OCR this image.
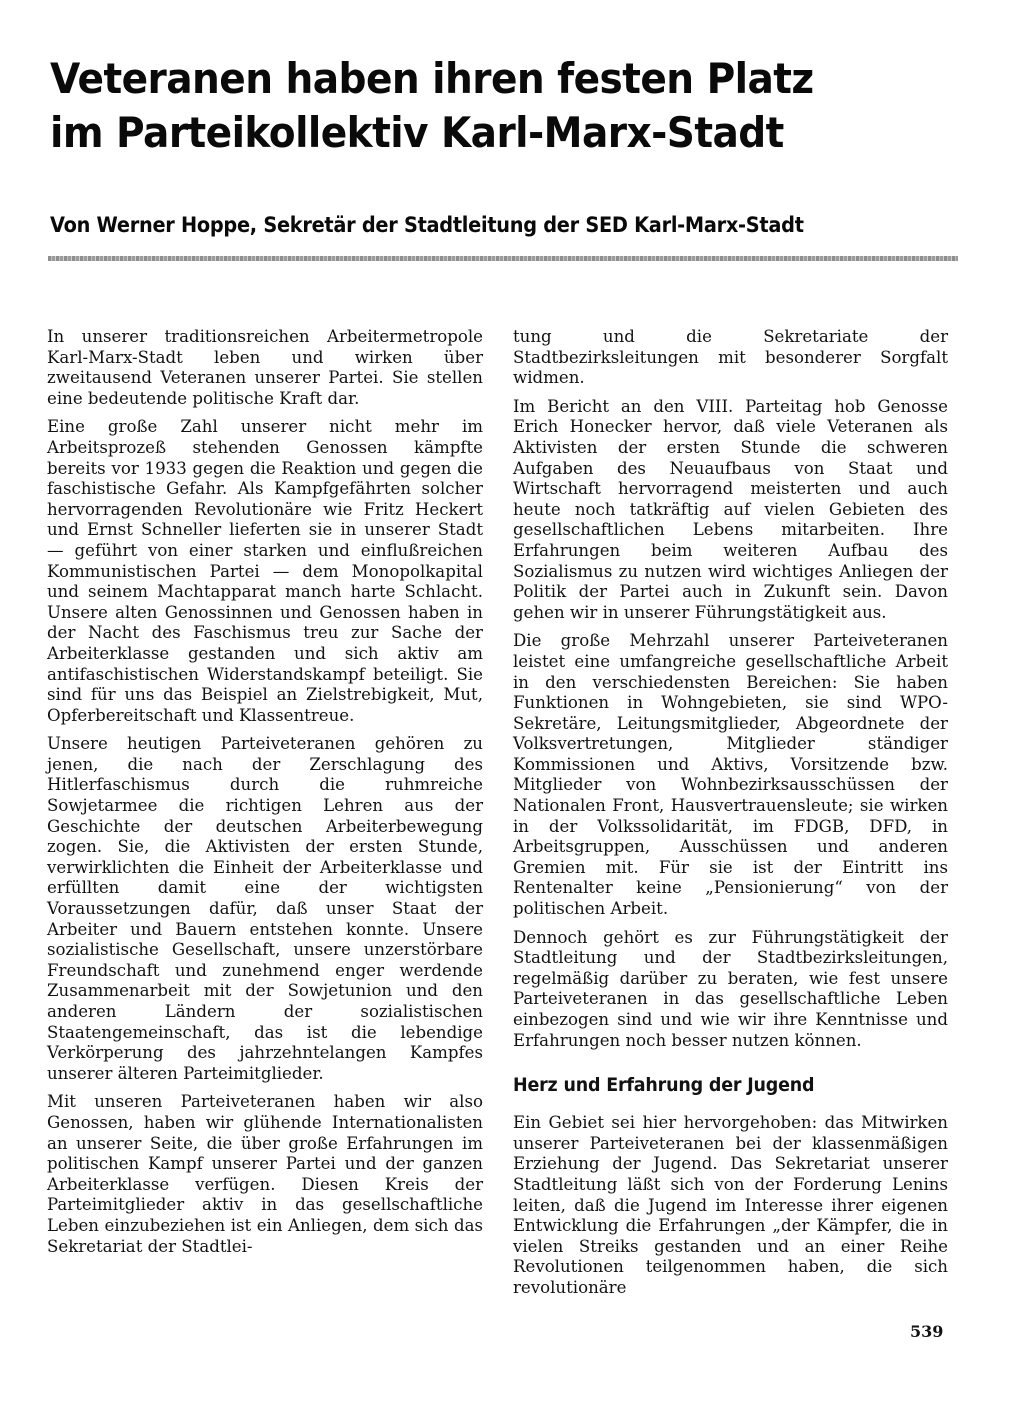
Veteranen haben ihren festen Platz
im Parteikollektiv Karl-Marx-Stadt
Von Werner Hoppe, Sekretär der Stadtleitung der SED Karl-Marx-Stadt

In unserer traditionsreichen Arbeitermetropole Karl-Marx-Stadt leben und wirken über zweitausend Veteranen unserer Partei. Sie stellen eine bedeutende politische Kraft dar.

Eine große Zahl unserer nicht mehr im Arbeitsprozeß stehenden Genossen kämpfte bereits vor 1933 gegen die Reaktion und gegen die faschistische Gefahr. Als Kampfgefährten solcher hervorragenden Revolutionäre wie Fritz Heckert und Ernst Schneller lieferten sie in unserer Stadt — geführt von einer starken und einflußreichen Kommunistischen Partei — dem Monopolkapital und seinem Machtapparat manch harte Schlacht. Unsere alten Genossinnen und Genossen haben in der Nacht des Faschismus treu zur Sache der Arbeiterklasse gestanden und sich aktiv am antifaschistischen Widerstandskampf beteiligt. Sie sind für uns das Beispiel an Zielstrebigkeit, Mut, Opferbereitschaft und Klassentreue.

Unsere heutigen Parteiveteranen gehören zu jenen, die nach der Zerschlagung des Hitlerfaschismus durch die ruhmreiche Sowjetarmee die richtigen Lehren aus der Geschichte der deutschen Arbeiterbewegung zogen. Sie, die Aktivisten der ersten Stunde, verwirklichten die Einheit der Arbeiterklasse und erfüllten damit eine der wichtigsten Voraussetzungen dafür, daß unser Staat der Arbeiter und Bauern entstehen konnte. Unsere sozialistische Gesellschaft, unsere unzerstörbare Freundschaft und zunehmend enger werdende Zusammenarbeit mit der Sowjetunion und den anderen Ländern der sozialistischen Staatengemeinschaft, das ist die lebendige Verkörperung des jahrzehntelangen Kampfes unserer älteren Parteimitglieder.

Mit unseren Parteiveteranen haben wir also Genossen, haben wir glühende Internationalisten an unserer Seite, die über große Erfahrungen im politischen Kampf unserer Partei und der ganzen Arbeiterklasse verfügen. Diesen Kreis der Parteimitglieder aktiv in das gesellschaftliche Leben einzubeziehen ist ein Anliegen, dem sich das Sekretariat der Stadtlei-

tung und die Sekretariate der Stadtbezirksleitungen mit besonderer Sorgfalt widmen.

Im Bericht an den VIII. Parteitag hob Genosse Erich Honecker hervor, daß viele Veteranen als Aktivisten der ersten Stunde die schweren Aufgaben des Neuaufbaus von Staat und Wirtschaft hervorragend meisterten und auch heute noch tatkräftig auf vielen Gebieten des gesellschaftlichen Lebens mitarbeiten. Ihre Erfahrungen beim weiteren Aufbau des Sozialismus zu nutzen wird wichtiges Anliegen der Politik der Partei auch in Zukunft sein. Davon gehen wir in unserer Führungstätigkeit aus.

Die große Mehrzahl unserer Parteiveteranen leistet eine umfangreiche gesellschaftliche Arbeit in den verschiedensten Bereichen: Sie haben Funktionen in Wohngebieten, sie sind WPO-Sekretäre, Leitungsmitglieder, Abgeordnete der Volksvertretungen, Mitglieder ständiger Kommissionen und Aktivs, Vorsitzende bzw. Mitglieder von Wohnbezirksausschüssen der Nationalen Front, Hausvertrauensleute; sie wirken in der Volkssolidarität, im FDGB, DFD, in Arbeitsgruppen, Ausschüssen und anderen Gremien mit. Für sie ist der Eintritt ins Rentenalter keine „Pensionierung“ von der politischen Arbeit.

Dennoch gehört es zur Führungstätigkeit der Stadtleitung und der Stadtbezirksleitungen, regelmäßig darüber zu beraten, wie fest unsere Parteiveteranen in das gesellschaftliche Leben einbezogen sind und wie wir ihre Kenntnisse und Erfahrungen noch besser nutzen können.

Herz und Erfahrung der Jugend

Ein Gebiet sei hier hervorgehoben: das Mitwirken unserer Parteiveteranen bei der klassenmäßigen Erziehung der Jugend. Das Sekretariat unserer Stadtleitung läßt sich von der Forderung Lenins leiten, daß die Jugend im Interesse ihrer eigenen Entwicklung die Erfahrungen „der Kämpfer, die in vielen Streiks gestanden und an einer Reihe Revolutionen teilgenommen haben, die sich revolutionäre

539
